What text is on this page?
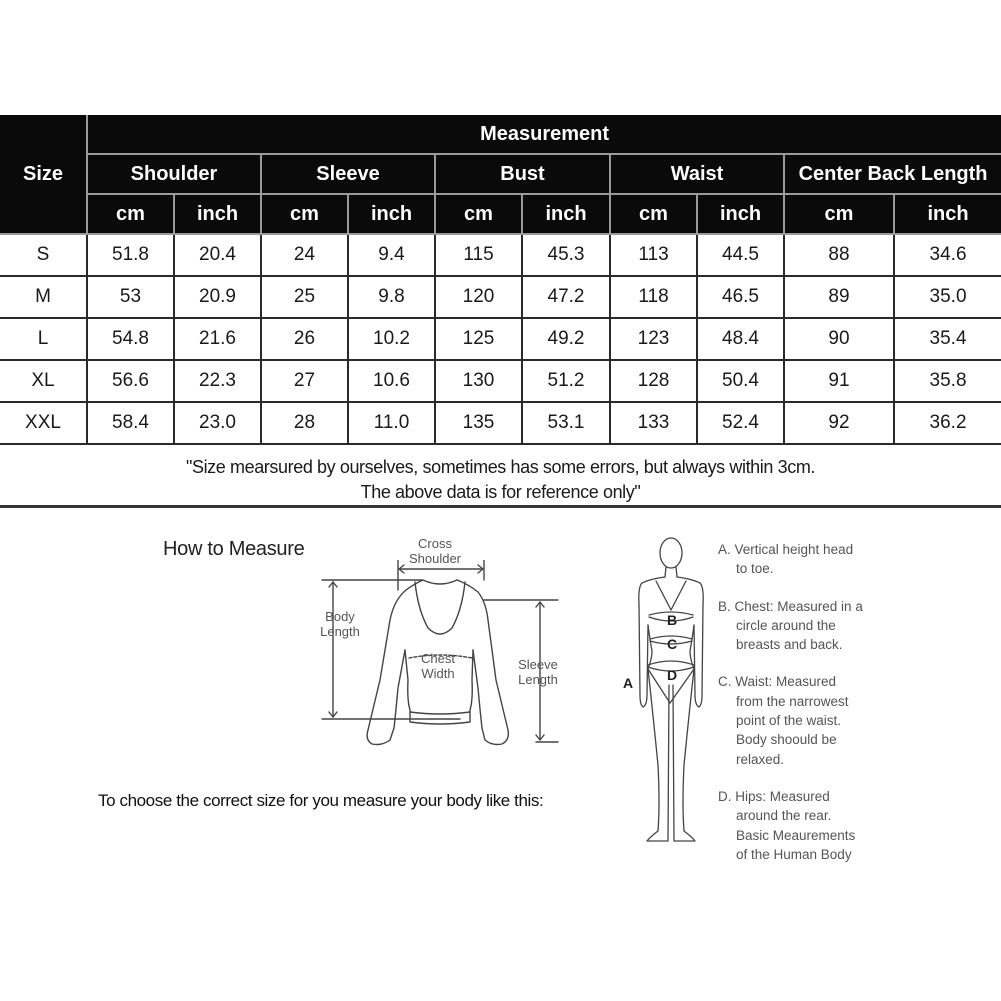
Size	Measurement									
	Shoulder		Sleeve		Bust		Waist		Center Back Length	
	cm	inch	cm	inch	cm	inch	cm	inch	cm	inch
S	51.8	20.4	24	9.4	115	45.3	113	44.5	88	34.6
M	53	20.9	25	9.8	120	47.2	118	46.5	89	35.0
L	54.8	21.6	26	10.2	125	49.2	123	48.4	90	35.4
XL	56.6	22.3	27	10.6	130	51.2	128	50.4	91	35.8
XXL	58.4	23.0	28	11.0	135	53.1	133	52.4	92	36.2
"Size mearsured by ourselves, sometimes has some errors, but always within 3cm.
The above data is for reference only"
How to Measure	Cross
Shoulder
Body
Length
Chest
Width
Sleeve
Length
To choose the correct size for you measure your body like this:
B
C
D
A
A. Vertical height head
to toe.
B. Chest: Measured in a
circle around the
breasts and back.
C. Waist: Measured
from the narrowest
point of the waist.
Body shoould be
relaxed.
D. Hips: Measured
around the rear.
Basic Meaurements
of the Human Body
